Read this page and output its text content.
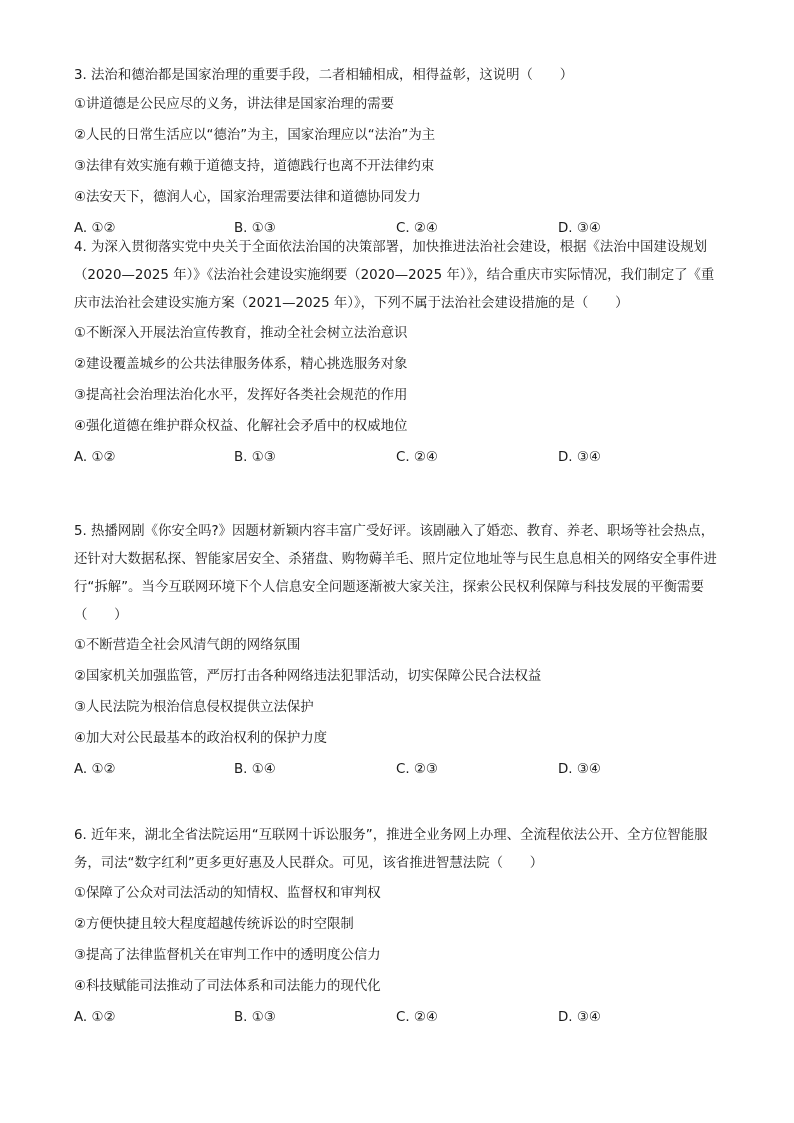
3. 法治和德治都是国家治理的重要手段，二者相辅相成，相得益彰，这说明（　　）

①讲道德是公民应尽的义务，讲法律是国家治理的需要

②人民的日常生活应以“德治”为主，国家治理应以“法治”为主

③法律有效实施有赖于道德支持，道德践行也离不开法律约束

④法安天下，德润人心，国家治理需要法律和道德协同发力

A. ①②	B. ①③	C. ②④	D. ③④

4. 为深入贯彻落实党中央关于全面依法治国的决策部署，加快推进法治社会建设，根据《法治中国建设规划（2020—2025 年）》《法治社会建设实施纲要（2020—2025 年）》，结合重庆市实际情况，我们制定了《重庆市法治社会建设实施方案（2021—2025 年）》，下列不属于法治社会建设措施的是（　　）

①不断深入开展法治宣传教育，推动全社会树立法治意识

②建设覆盖城乡的公共法律服务体系，精心挑选服务对象

③提高社会治理法治化水平，发挥好各类社会规范的作用

④强化道德在维护群众权益、化解社会矛盾中的权威地位

A. ①②	B. ①③	C. ②④	D. ③④

5. 热播网剧《你安全吗?》因题材新颖内容丰富广受好评。该剧融入了婚恋、教育、养老、职场等社会热点，还针对大数据私探、智能家居安全、杀猪盘、购物薅羊毛、照片定位地址等与民生息息相关的网络安全事件进行“拆解”。当今互联网环境下个人信息安全问题逐渐被大家关注，探索公民权利保障与科技发展的平衡需要（　　）

①不断营造全社会风清气朗的网络氛围

②国家机关加强监管，严厉打击各种网络违法犯罪活动，切实保障公民合法权益

③人民法院为根治信息侵权提供立法保护

④加大对公民最基本的政治权利的保护力度

A. ①②	B. ①④	C. ②③	D. ③④

6. 近年来，湖北全省法院运用“互联网十诉讼服务”，推进全业务网上办理、全流程依法公开、全方位智能服务，司法“数字红利”更多更好惠及人民群众。可见，该省推进智慧法院（　　）

①保障了公众对司法活动的知情权、监督权和审判权

②方便快捷且较大程度超越传统诉讼的时空限制

③提高了法律监督机关在审判工作中的透明度公信力

④科技赋能司法推动了司法体系和司法能力的现代化

A. ①②	B. ①③	C. ②④	D. ③④
